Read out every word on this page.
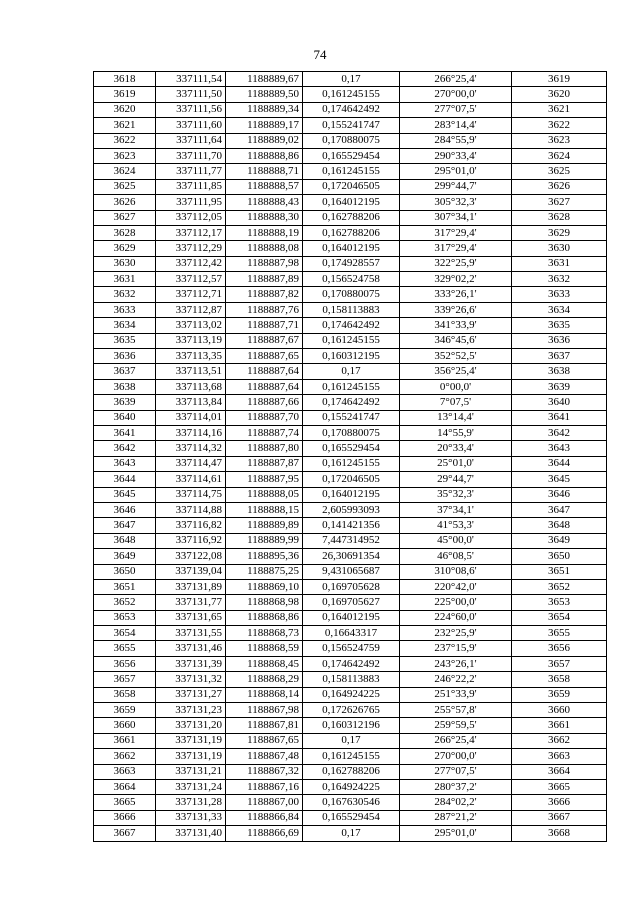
74
3618	337111,54	1188889,67	0,17	266°25,4'	3619
3619	337111,50	1188889,50	0,161245155	270°00,0'	3620
3620	337111,56	1188889,34	0,174642492	277°07,5'	3621
3621	337111,60	1188889,17	0,155241747	283°14,4'	3622
3622	337111,64	1188889,02	0,170880075	284°55,9'	3623
3623	337111,70	1188888,86	0,165529454	290°33,4'	3624
3624	337111,77	1188888,71	0,161245155	295°01,0'	3625
3625	337111,85	1188888,57	0,172046505	299°44,7'	3626
3626	337111,95	1188888,43	0,164012195	305°32,3'	3627
3627	337112,05	1188888,30	0,162788206	307°34,1'	3628
3628	337112,17	1188888,19	0,162788206	317°29,4'	3629
3629	337112,29	1188888,08	0,164012195	317°29,4'	3630
3630	337112,42	1188887,98	0,174928557	322°25,9'	3631
3631	337112,57	1188887,89	0,156524758	329°02,2'	3632
3632	337112,71	1188887,82	0,170880075	333°26,1'	3633
3633	337112,87	1188887,76	0,158113883	339°26,6'	3634
3634	337113,02	1188887,71	0,174642492	341°33,9'	3635
3635	337113,19	1188887,67	0,161245155	346°45,6'	3636
3636	337113,35	1188887,65	0,160312195	352°52,5'	3637
3637	337113,51	1188887,64	0,17	356°25,4'	3638
3638	337113,68	1188887,64	0,161245155	0°00,0'	3639
3639	337113,84	1188887,66	0,174642492	7°07,5'	3640
3640	337114,01	1188887,70	0,155241747	13°14,4'	3641
3641	337114,16	1188887,74	0,170880075	14°55,9'	3642
3642	337114,32	1188887,80	0,165529454	20°33,4'	3643
3643	337114,47	1188887,87	0,161245155	25°01,0'	3644
3644	337114,61	1188887,95	0,172046505	29°44,7'	3645
3645	337114,75	1188888,05	0,164012195	35°32,3'	3646
3646	337114,88	1188888,15	2,605993093	37°34,1'	3647
3647	337116,82	1188889,89	0,141421356	41°53,3'	3648
3648	337116,92	1188889,99	7,447314952	45°00,0'	3649
3649	337122,08	1188895,36	26,30691354	46°08,5'	3650
3650	337139,04	1188875,25	9,431065687	310°08,6'	3651
3651	337131,89	1188869,10	0,169705628	220°42,0'	3652
3652	337131,77	1188868,98	0,169705627	225°00,0'	3653
3653	337131,65	1188868,86	0,164012195	224°60,0'	3654
3654	337131,55	1188868,73	0,16643317	232°25,9'	3655
3655	337131,46	1188868,59	0,156524759	237°15,9'	3656
3656	337131,39	1188868,45	0,174642492	243°26,1'	3657
3657	337131,32	1188868,29	0,158113883	246°22,2'	3658
3658	337131,27	1188868,14	0,164924225	251°33,9'	3659
3659	337131,23	1188867,98	0,172626765	255°57,8'	3660
3660	337131,20	1188867,81	0,160312196	259°59,5'	3661
3661	337131,19	1188867,65	0,17	266°25,4'	3662
3662	337131,19	1188867,48	0,161245155	270°00,0'	3663
3663	337131,21	1188867,32	0,162788206	277°07,5'	3664
3664	337131,24	1188867,16	0,164924225	280°37,2'	3665
3665	337131,28	1188867,00	0,167630546	284°02,2'	3666
3666	337131,33	1188866,84	0,165529454	287°21,2'	3667
3667	337131,40	1188866,69	0,17	295°01,0'	3668
